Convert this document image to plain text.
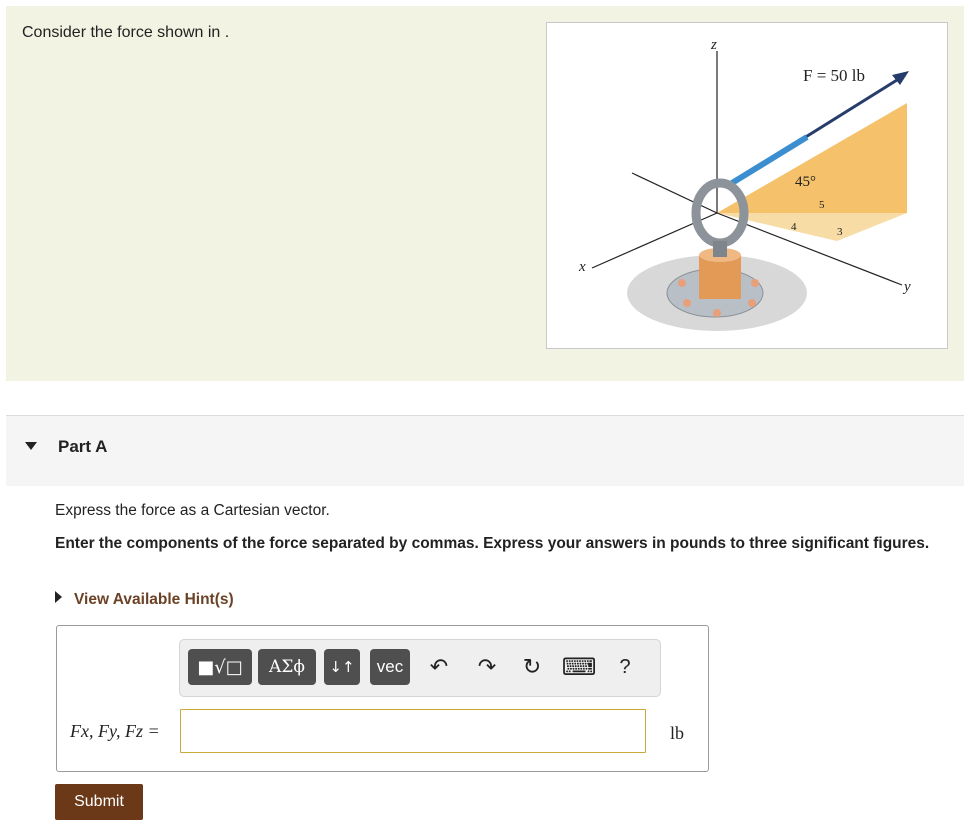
Consider the force shown in .
z
x
y
F = 50 lb
45°
5
4	3
Part A
Express the force as a Cartesian vector.
Enter the components of the force separated by commas. Express your answers in pounds to three significant figures.
View Available Hint(s)
■√□	ΑΣϕ	↓↑	vec	↶ ↷ ↻ ⌨	?
Fx, Fy, Fz =	lb
Submit
